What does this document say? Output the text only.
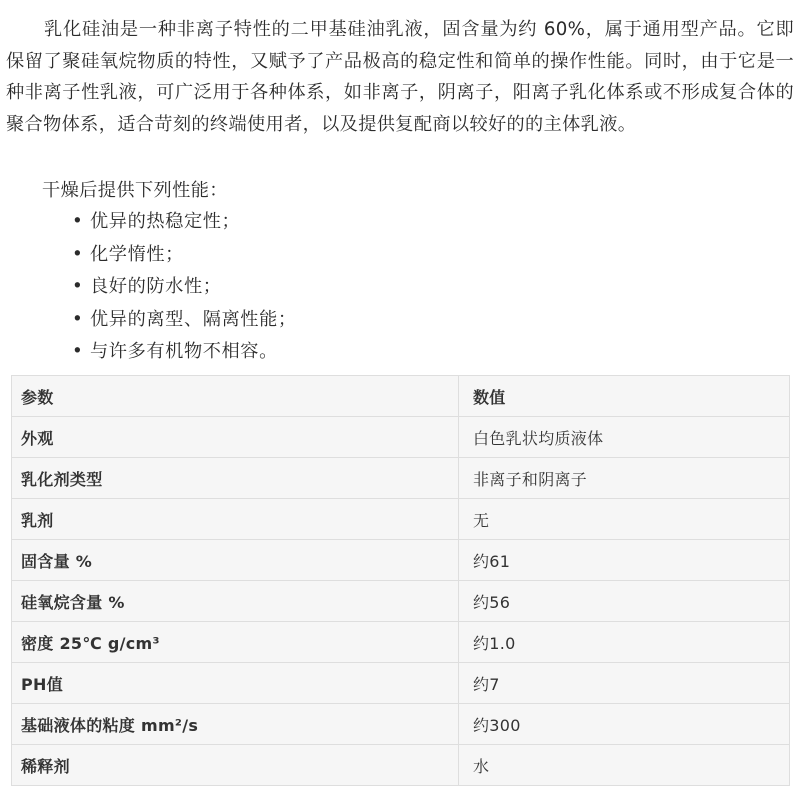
乳化硅油是一种非离子特性的二甲基硅油乳液，固含量为约 60%，属于通用型产品。它即保留了聚硅氧烷物质的特性，又赋予了产品极高的稳定性和简单的操作性能。同时，由于它是一种非离子性乳液，可广泛用于各种体系，如非离子，阴离子，阳离子乳化体系或不形成复合体的聚合物体系，适合苛刻的终端使用者，以及提供复配商以较好的的主体乳液。

干燥后提供下列性能：
• 优异的热稳定性；
• 化学惰性；
• 良好的防水性；
• 优异的离型、隔离性能；
• 与许多有机物不相容。
参数	数值
外观	白色乳状均质液体
乳化剂类型	非离子和阴离子
乳剂	无
固含量 %	约61
硅氧烷含量 %	约56
密度 25℃ g/cm³	约1.0
PH值	约7
基础液体的粘度 mm²/s	约300
稀释剂	水
